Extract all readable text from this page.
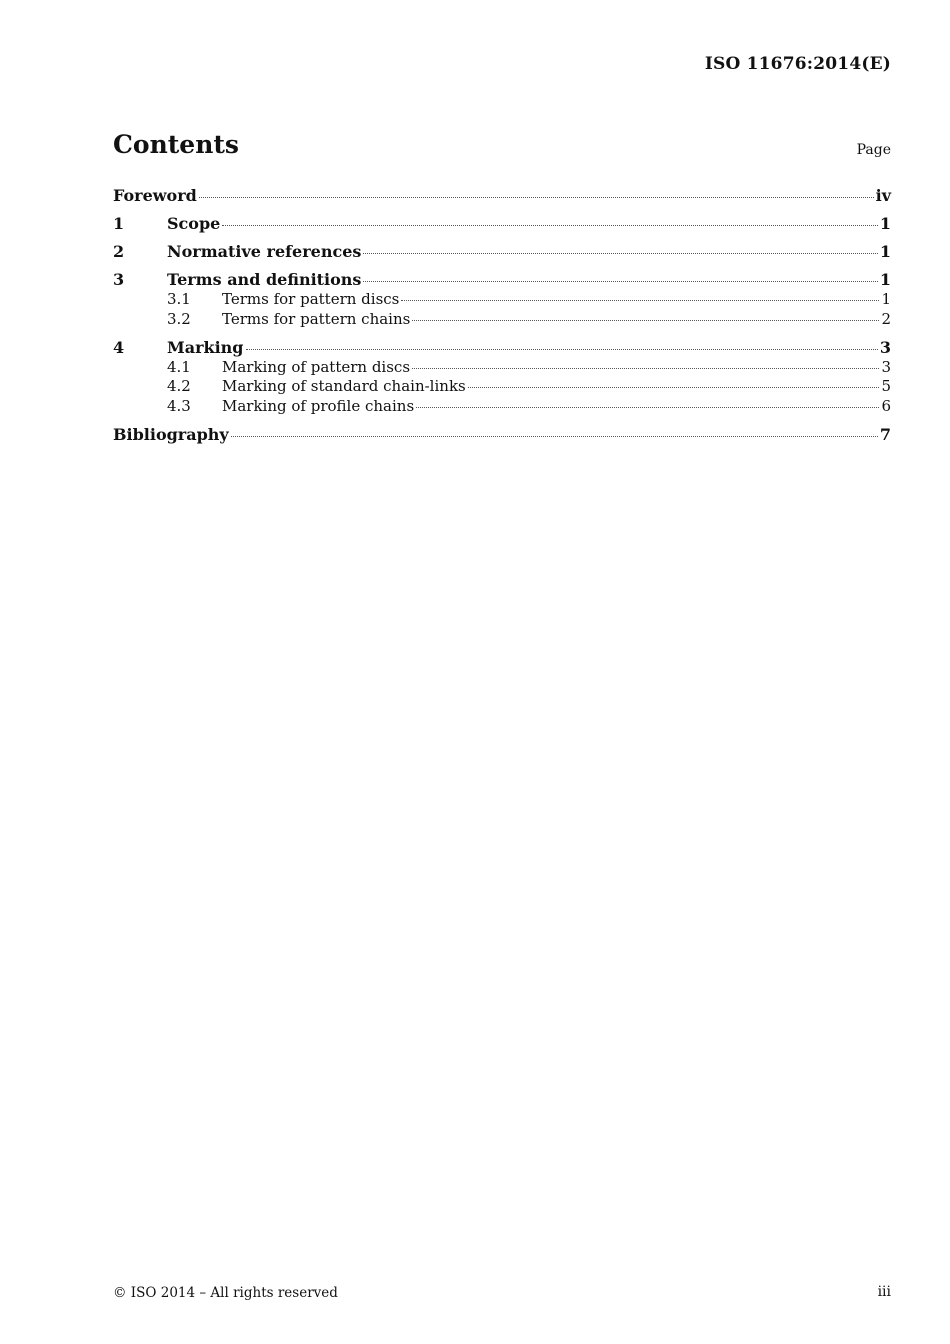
ISO 11676:2014(E)
Contents	Page
Foreword	iv
1	Scope	1
2	Normative references	1
3	Terms and definitions	1
3.1	Terms for pattern discs	1
3.2	Terms for pattern chains	2
4	Marking	3
4.1	Marking of pattern discs	3
4.2	Marking of standard chain-links	5
4.3	Marking of profile chains	6
Bibliography	7
© ISO 2014 – All rights reserved	iii
